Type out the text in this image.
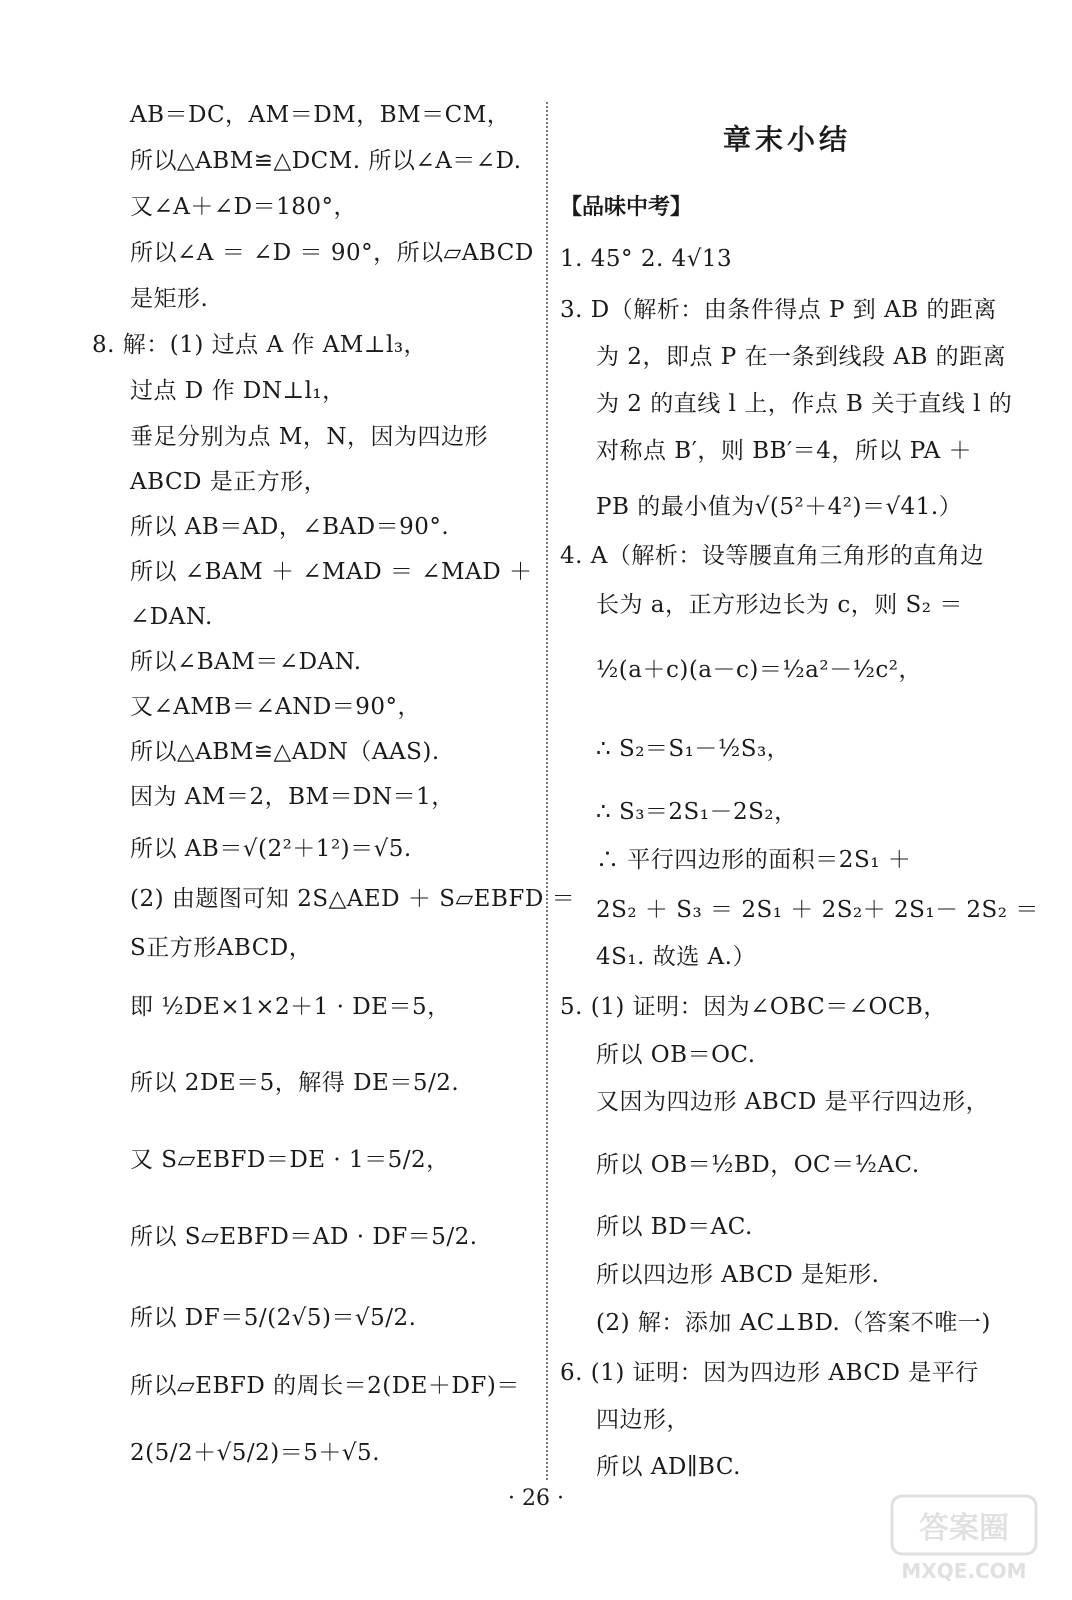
AB＝DC，AM＝DM，BM＝CM，
所以△ABM≌△DCM. 所以∠A＝∠D.
又∠A＋∠D＝180°，
所以∠A ＝ ∠D ＝ 90°，所以▱ABCD
是矩形.
8. 解：(1) 过点 A 作 AM⊥l₃，
过点 D 作 DN⊥l₁，
垂足分别为点 M，N，因为四边形
ABCD 是正方形，
所以 AB＝AD，∠BAD＝90°.
所以 ∠BAM ＋ ∠MAD ＝ ∠MAD ＋
∠DAN.
所以∠BAM＝∠DAN.
又∠AMB＝∠AND＝90°，
所以△ABM≌△ADN（AAS).
因为 AM＝2，BM＝DN＝1，
所以 AB＝√(2²＋1²)＝√5.
(2) 由题图可知 2S△AED ＋ S▱EBFD ＝
S正方形ABCD，
即 ½DE×1×2＋1 · DE＝5，
所以 2DE＝5，解得 DE＝5/2.
又 S▱EBFD＝DE · 1＝5/2，
所以 S▱EBFD＝AD · DF＝5/2.
所以 DF＝5/(2√5)＝√5/2.
所以▱EBFD 的周长＝2(DE＋DF)＝
2(5/2＋√5/2)＝5＋√5.
章末小结
【品味中考】
1. 45° 2. 4√13
3. D（解析：由条件得点 P 到 AB 的距离
为 2，即点 P 在一条到线段 AB 的距离
为 2 的直线 l 上，作点 B 关于直线 l 的
对称点 B′，则 BB′＝4，所以 PA ＋
PB 的最小值为√(5²＋4²)＝√41.）
4. A（解析：设等腰直角三角形的直角边
长为 a，正方形边长为 c，则 S₂ ＝
½(a＋c)(a－c)＝½a²－½c²，
∴ S₂＝S₁－½S₃，
∴ S₃＝2S₁－2S₂，
∴ 平行四边形的面积＝2S₁ ＋
2S₂ ＋ S₃ ＝ 2S₁ ＋ 2S₂＋ 2S₁－ 2S₂ ＝
4S₁. 故选 A.）
5. (1) 证明：因为∠OBC＝∠OCB，
所以 OB＝OC.
又因为四边形 ABCD 是平行四边形，
所以 OB＝½BD，OC＝½AC.
所以 BD＝AC.
所以四边形 ABCD 是矩形.
(2) 解：添加 AC⊥BD.（答案不唯一)
6. (1) 证明：因为四边形 ABCD 是平行
四边形，
所以 AD∥BC.
· 26 ·
答案圈
MXQE.COM
